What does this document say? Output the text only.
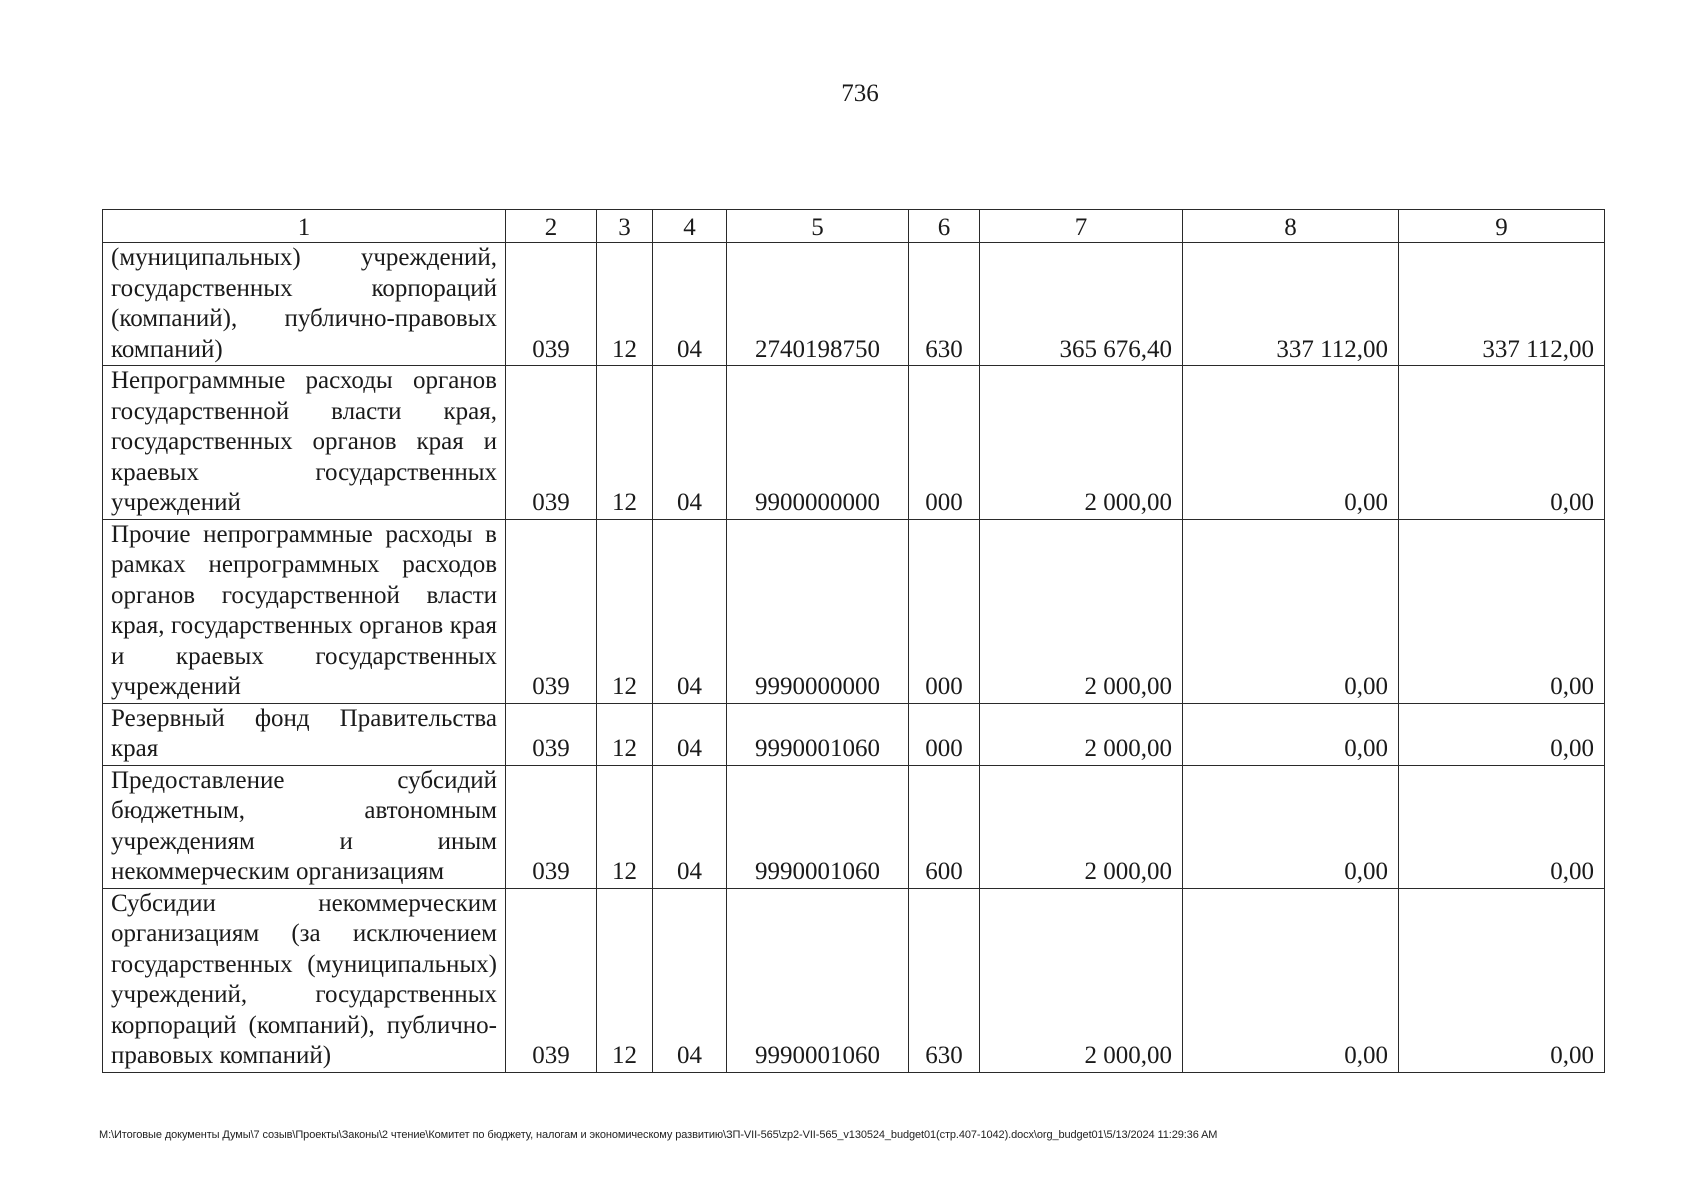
736
1	2	3	4	5	6	7	8	9
(муниципальных) учреждений, государственных корпораций (компаний), публично-правовых компаний)	039	12	04	2740198750	630	365 676,40	337 112,00	337 112,00
Непрограммные расходы органов государственной власти края, государственных органов края и краевых государственных учреждений	039	12	04	9900000000	000	2 000,00	0,00	0,00
Прочие непрограммные расходы в рамках непрограммных расходов органов государственной власти края, государственных органов края и краевых государственных учреждений	039	12	04	9990000000	000	2 000,00	0,00	0,00
Резервный фонд Правительства края	039	12	04	9990001060	000	2 000,00	0,00	0,00
Предоставление субсидий бюджетным, автономным учреждениям и иным некоммерческим организациям	039	12	04	9990001060	600	2 000,00	0,00	0,00
Субсидии некоммерческим организациям (за исключением государственных (муниципальных) учреждений, государственных корпораций (компаний), публично-правовых компаний)	039	12	04	9990001060	630	2 000,00	0,00	0,00
M:\Итоговые документы Думы\7 созыв\Проекты\Законы\2 чтение\Комитет по бюджету, налогам и экономическому развитию\ЗП-VII-565\zp2-VII-565_v130524_budget01(стр.407-1042).docx\org_budget01\5/13/2024 11:29:36 AM
